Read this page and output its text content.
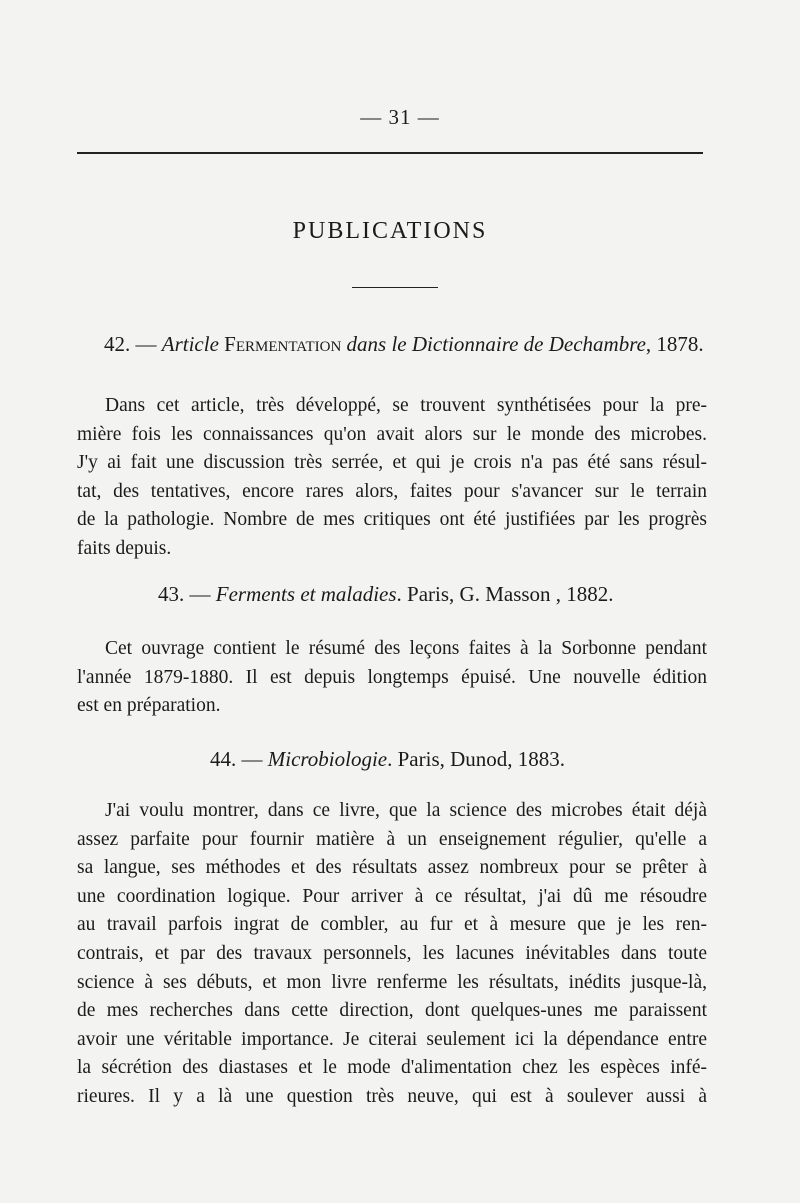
— 31 —
PUBLICATIONS
42. — Article Fermentation dans le Dictionnaire de Dechambre, 1878.
Dans cet article, très développé, se trouvent synthétisées pour la pre-
mière fois les connaissances qu'on avait alors sur le monde des microbes.
J'y ai fait une discussion très serrée, et qui je crois n'a pas été sans résul-
tat, des tentatives, encore rares alors, faites pour s'avancer sur le terrain
de la pathologie. Nombre de mes critiques ont été justifiées par les progrès
faits depuis.
43. — Ferments et maladies. Paris, G. Masson , 1882.
Cet ouvrage contient le résumé des leçons faites à la Sorbonne pendant
l'année 1879-1880. Il est depuis longtemps épuisé. Une nouvelle édition
est en préparation.
44. — Microbiologie. Paris, Dunod, 1883.
J'ai voulu montrer, dans ce livre, que la science des microbes était déjà
assez parfaite pour fournir matière à un enseignement régulier, qu'elle a
sa langue, ses méthodes et des résultats assez nombreux pour se prêter à
une coordination logique. Pour arriver à ce résultat, j'ai dû me résoudre
au travail parfois ingrat de combler, au fur et à mesure que je les ren-
contrais, et par des travaux personnels, les lacunes inévitables dans toute
science à ses débuts, et mon livre renferme les résultats, inédits jusque-là,
de mes recherches dans cette direction, dont quelques-unes me paraissent
avoir une véritable importance. Je citerai seulement ici la dépendance entre
la sécrétion des diastases et le mode d'alimentation chez les espèces infé-
rieures. Il y a là une question très neuve, qui est à soulever aussi à
